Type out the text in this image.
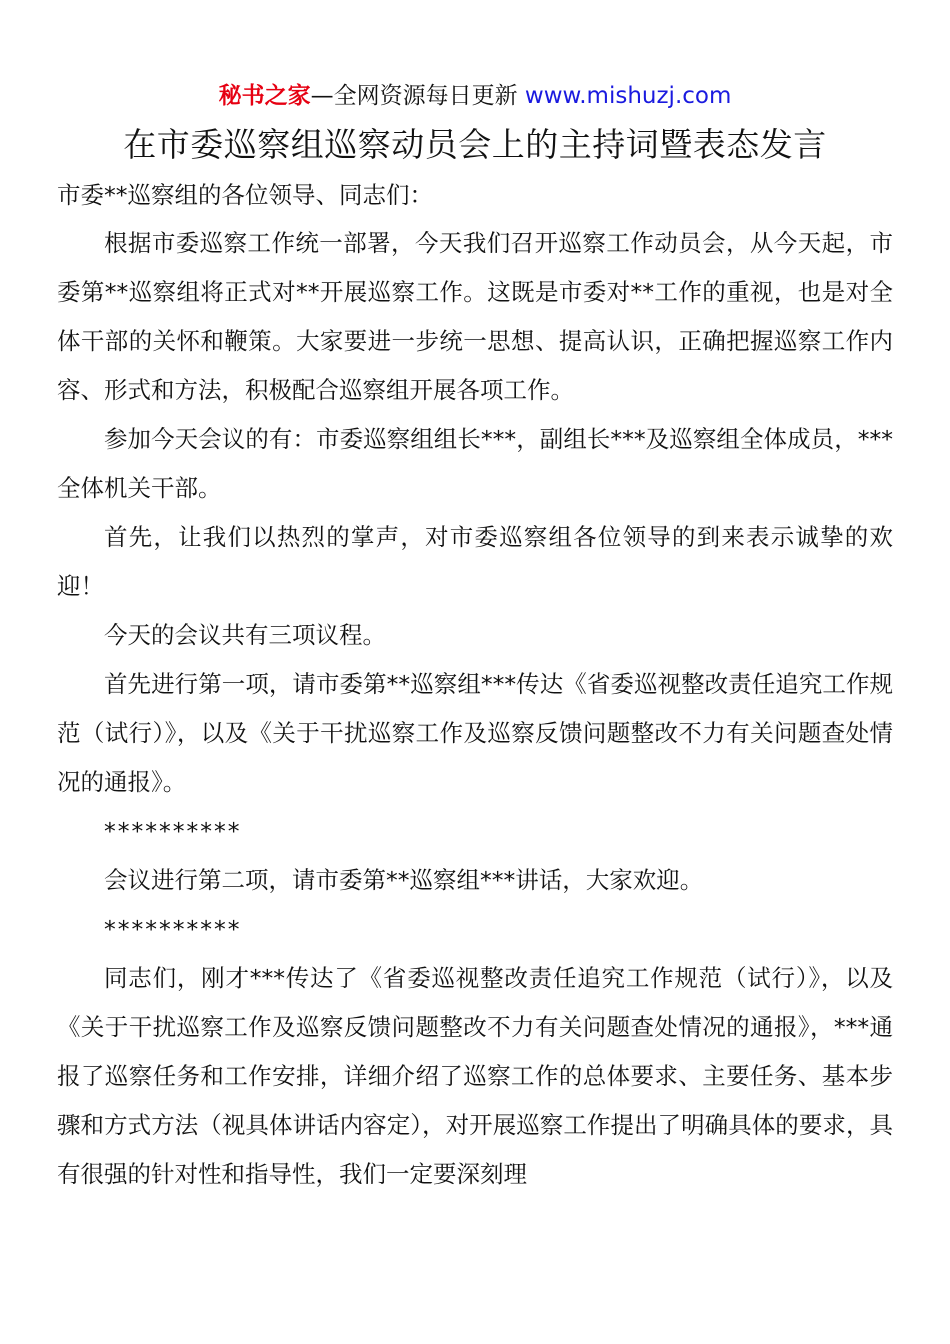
秘书之家—全网资源每日更新 www.mishuzj.com
在市委巡察组巡察动员会上的主持词暨表态发言

市委**巡察组的各位领导、同志们：

根据市委巡察工作统一部署，今天我们召开巡察工作动员会，从今天起，市委第**巡察组将正式对**开展巡察工作。这既是市委对**工作的重视，也是对全体干部的关怀和鞭策。大家要进一步统一思想、提高认识，正确把握巡察工作内容、形式和方法，积极配合巡察组开展各项工作。

参加今天会议的有：市委巡察组组长***，副组长***及巡察组全体成员，***全体机关干部。

首先，让我们以热烈的掌声，对市委巡察组各位领导的到来表示诚挚的欢迎！

今天的会议共有三项议程。

首先进行第一项，请市委第**巡察组***传达《省委巡视整改责任追究工作规范（试行）》，以及《关于干扰巡察工作及巡察反馈问题整改不力有关问题查处情况的通报》。

**********

会议进行第二项，请市委第**巡察组***讲话，大家欢迎。

**********

同志们，刚才***传达了《省委巡视整改责任追究工作规范（试行）》，以及《关于干扰巡察工作及巡察反馈问题整改不力有关问题查处情况的通报》，***通报了巡察任务和工作安排，详细介绍了巡察工作的总体要求、主要任务、基本步骤和方式方法（视具体讲话内容定），对开展巡察工作提出了明确具体的要求，具有很强的针对性和指导性，我们一定要深刻理
